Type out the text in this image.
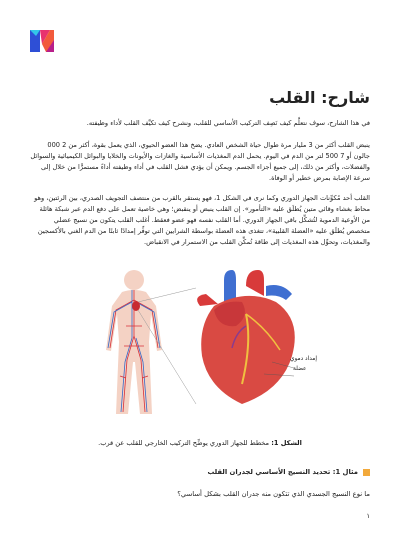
شارح: القلب

في هذا الشارح، سوف نتعلَّم كيف نَصِف التركيب الأساسي للقلب، ونشرح كيف تكيَّف القلب لأداء وظيفته.

ينبض القلب أكثر من 3 مليار مرة طوال حياة الشخص العادي. يضخ هذا العضو الحيوي، الذي يعمل بقوة، أكثر من 2 000 جالون أو 7 500 لتر من الدم في اليوم. يحمل الدم المغذيات الأساسية والغازات والأيونات والخلايا والبوائل الكيميائية والسوائل والفضلات، وأكثر من ذلك، إلى جميع أجزاء الجسم. ويمكن أن يؤدي فشل القلب في أداء وظيفته أداءً مستمرًّا من خلال إلى سرعة الإصابة بمرض خطير أو الوفاة.

القلب أحد مُكوِّنات الجهاز الدوري وكما نرى في الشكل 1، فهو يستقر بالقرب من منتصف التجويف الصدري، بين الرئتين، وهو محاط بغشاء وقائي متين يُطلَق عليه «التأمور». إن القلب ينبض أو ينقبض؛ وهي خاصية تعمل على دفع الدم عبر شبكة هائلة من الأوعية الدموية لتُشكِّل باقي الجهاز الدوري. أما القلب نفسه فهو عضو فعقط. أغلب القلب يتكون من نسيج عضلي متخصص يُطلَق عليه «العضلة القلبية»، تتغذى هذه العضلة بواسطة الشرايين التي توفِّر إمدادًا ثابتًا من الدم الغني بالأكسجين والمغذيات، وتحوِّل هذه المغذيات إلى طاقة تُمكِّن القلب من الاستمرار في الانقباض.

إمداد دموي
عضلة

الشكل 1: مخطط للجهاز الدوري يوضِّح التركيب الخارجي للقلب عن قرب.

مثال 1: تحديد النسيج الأساسي لجدران القلب

ما نوع النسيج الجسدي الذي تتكون منه جدران القلب بشكل أساسي؟

١
